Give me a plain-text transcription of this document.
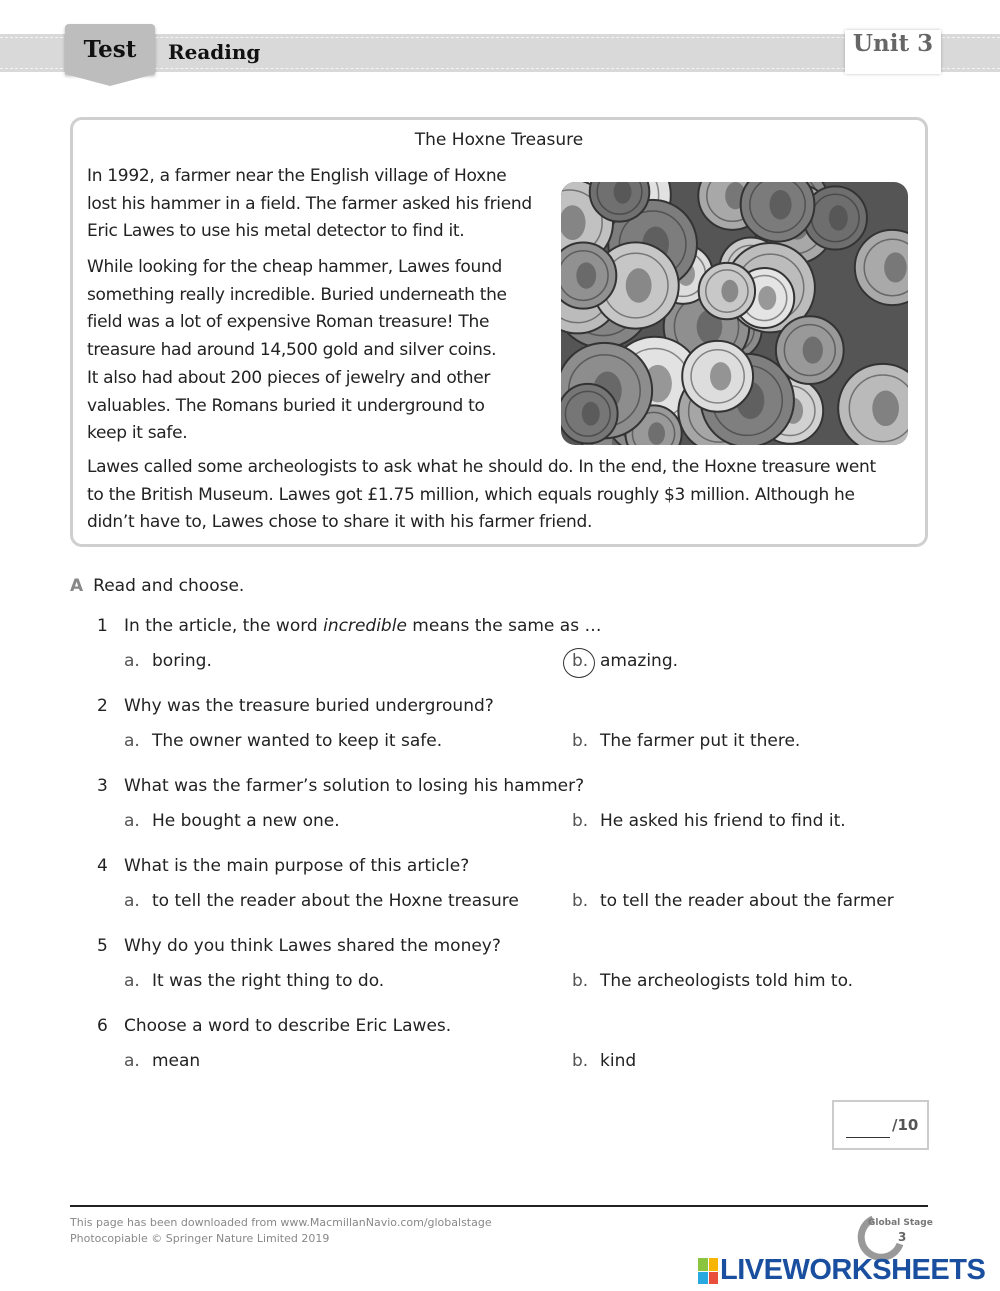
Test	Reading	Unit 3
The Hoxne Treasure
In 1992, a farmer near the English village of Hoxne
lost his hammer in a field. The farmer asked his friend
Eric Lawes to use his metal detector to find it.
While looking for the cheap hammer, Lawes found
something really incredible. Buried underneath the
field was a lot of expensive Roman treasure! The
treasure had around 14,500 gold and silver coins.
It also had about 200 pieces of jewelry and other
valuables. The Romans buried it underground to
keep it safe.
Lawes called some archeologists to ask what he should do. In the end, the Hoxne treasure went
to the British Museum. Lawes got £1.75 million, which equals roughly $3 million. Although he
didn’t have to, Lawes chose to share it with his farmer friend.
A Read and choose.
1 In the article, the word incredible means the same as …
a. boring.	b. amazing.
2 Why was the treasure buried underground?
a. The owner wanted to keep it safe.	b. The farmer put it there.
3 What was the farmer’s solution to losing his hammer?
a. He bought a new one.	b. He asked his friend to find it.
4 What is the main purpose of this article?
a. to tell the reader about the Hoxne treasure	b. to tell the reader about the farmer
5 Why do you think Lawes shared the money?
a. It was the right thing to do.	b. The archeologists told him to.
6 Choose a word to describe Eric Lawes.
a. mean	b. kind
/10
This page has been downloaded from www.MacmillanNavio.com/globalstage
Photocopiable © Springer Nature Limited 2019
Global Stage
3
LIVEWORKSHEETS
